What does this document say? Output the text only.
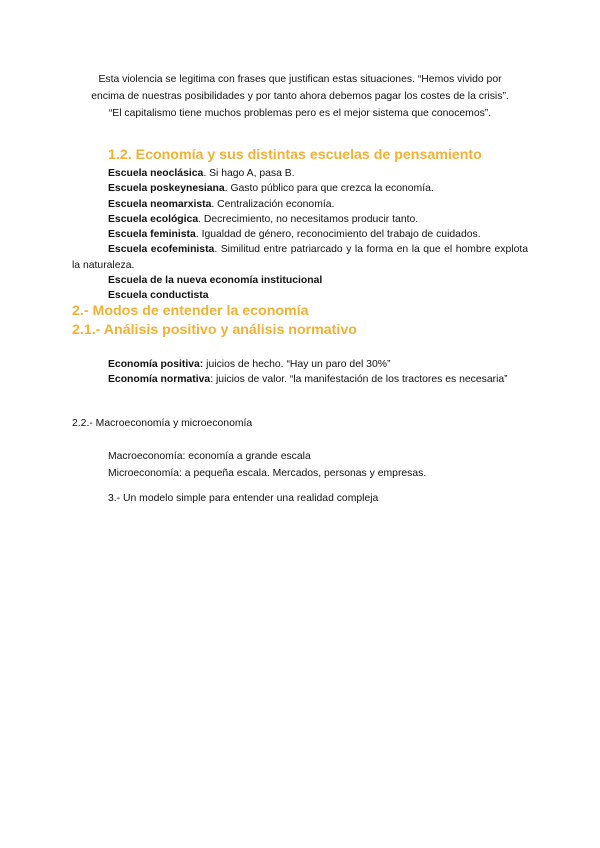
Esta violencia se legitima con frases que justifican estas situaciones. “Hemos vivido por

encima de nuestras posibilidades y por tanto ahora debemos pagar los costes de la crisis”.

“El capitalismo tiene muchos problemas pero es el mejor sistema que conocemos”.

1.2. Economía y sus distintas escuelas de pensamiento

Escuela neoclásica. Si hago A, pasa B.

Escuela poskeynesiana. Gasto público para que crezca la economía.

Escuela neomarxista. Centralización economía.

Escuela ecológica. Decrecimiento, no necesitamos producir tanto.

Escuela feminista. Igualdad de género, reconocimiento del trabajo de cuidados.

Escuela ecofeminista. Similitud entre patriarcado y la forma en la que el hombre explota la naturaleza.

Escuela de la nueva economía institucional

Escuela conductista

2.- Modos de entender la economía
2.1.- Análisis positivo y análisis normativo

Economía positiva: juicios de hecho. “Hay un paro del 30%”

Economía normativa: juicios de valor. “la manifestación de los tractores es necesaria”

2.2.- Macroeconomía y microeconomía

Macroeconomía: economía a grande escala

Microeconomía: a pequeña escala. Mercados, personas y empresas.

3.- Un modelo simple para entender una realidad compleja
